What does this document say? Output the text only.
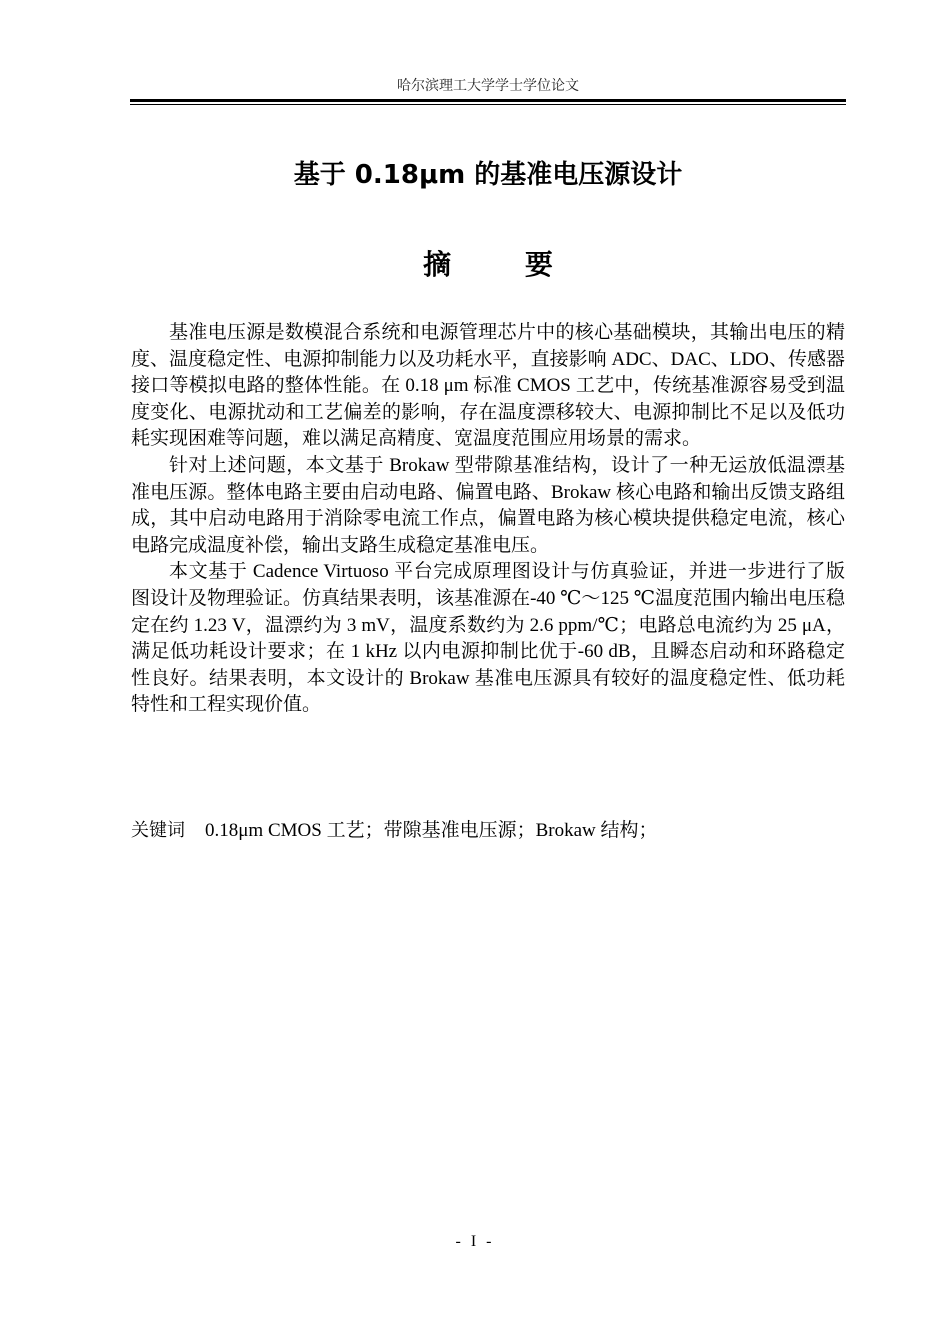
哈尔滨理工大学学士学位论文
基于 0.18μm 的基准电压源设计
摘 要

基准电压源是数模混合系统和电源管理芯片中的核心基础模块，其输出电压的精度、温度稳定性、电源抑制能力以及功耗水平，直接影响 ADC、DAC、LDO、传感器接口等模拟电路的整体性能。在 0.18 μm 标准 CMOS 工艺中，传统基准源容易受到温度变化、电源扰动和工艺偏差的影响，存在温度漂移较大、电源抑制比不足以及低功耗实现困难等问题，难以满足高精度、宽温度范围应用场景的需求。

针对上述问题，本文基于 Brokaw 型带隙基准结构，设计了一种无运放低温漂基准电压源。整体电路主要由启动电路、偏置电路、Brokaw 核心电路和输出反馈支路组成，其中启动电路用于消除零电流工作点，偏置电路为核心模块提供稳定电流，核心电路完成温度补偿，输出支路生成稳定基准电压。

本文基于 Cadence Virtuoso 平台完成原理图设计与仿真验证，并进一步进行了版图设计及物理验证。仿真结果表明，该基准源在-40 ℃～125 ℃温度范围内输出电压稳定在约 1.23 V，温漂约为 3 mV，温度系数约为 2.6 ppm/℃；电路总电流约为 25 μA，满足低功耗设计要求；在 1 kHz 以内电源抑制比优于-60 dB，且瞬态启动和环路稳定性良好。结果表明，本文设计的 Brokaw 基准电压源具有较好的温度稳定性、低功耗特性和工程实现价值。

关键词 0.18μm CMOS 工艺；带隙基准电压源；Brokaw 结构；
- I -
